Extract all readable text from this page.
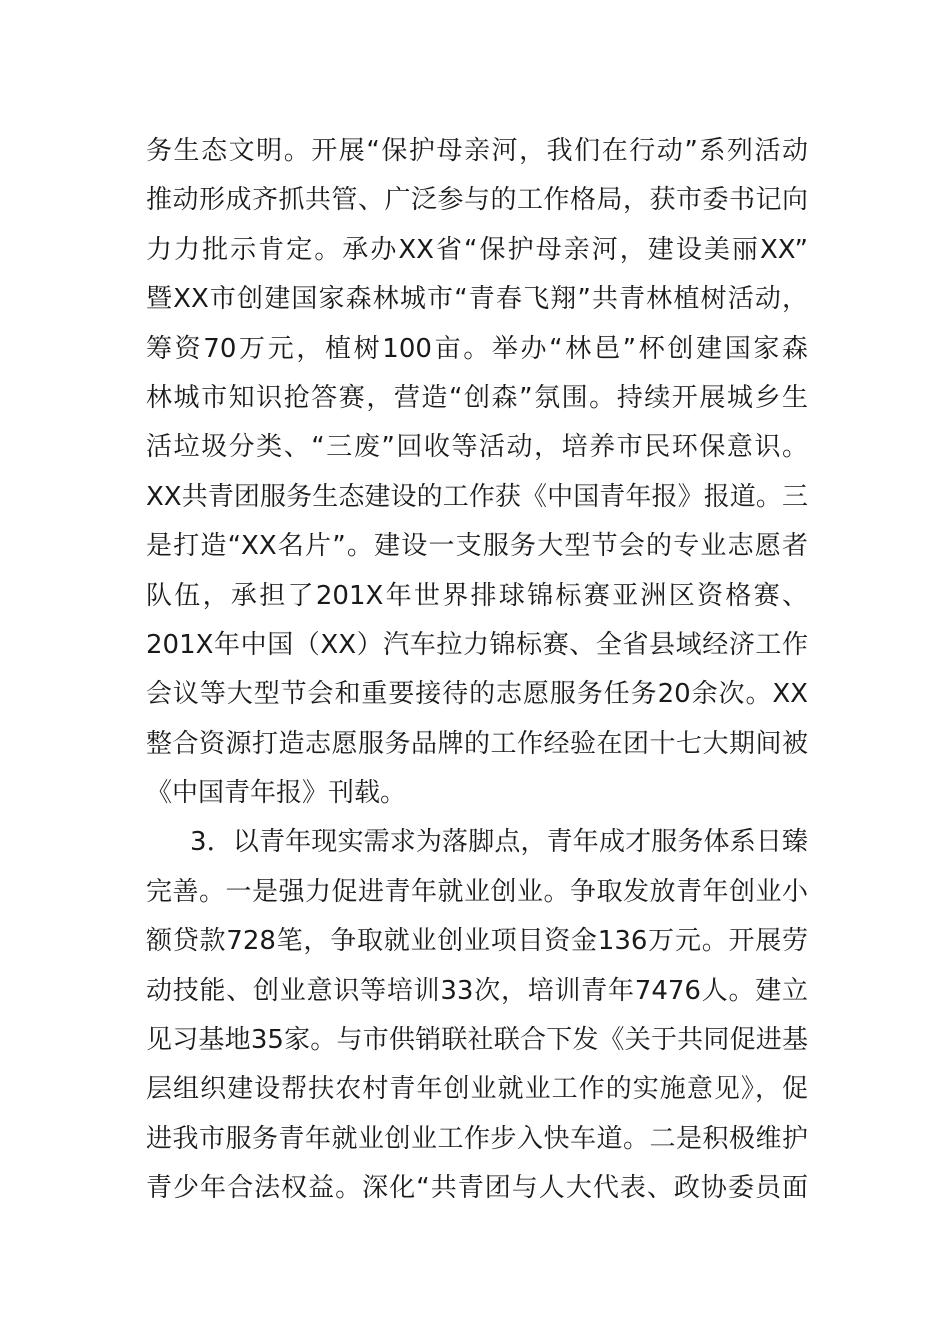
务生态文明。开展“保护母亲河，我们在行动”系列活动
推动形成齐抓共管、广泛参与的工作格局，获市委书记向
力力批示肯定。承办XX省“保护母亲河，建设美丽XX”
暨XX市创建国家森林城市“青春飞翔”共青林植树活动，
筹资70万元，植树100亩。举办“林邑”杯创建国家森
林城市知识抢答赛，营造“创森”氛围。持续开展城乡生
活垃圾分类、“三废”回收等活动，培养市民环保意识。
XX共青团服务生态建设的工作获《中国青年报》报道。三
是打造“XX名片”。建设一支服务大型节会的专业志愿者
队伍，承担了201X年世界排球锦标赛亚洲区资格赛、
201X年中国（XX）汽车拉力锦标赛、全省县域经济工作
会议等大型节会和重要接待的志愿服务任务20余次。XX
整合资源打造志愿服务品牌的工作经验在团十七大期间被
《中国青年报》刊载。
3．以青年现实需求为落脚点，青年成才服务体系日臻
完善。一是强力促进青年就业创业。争取发放青年创业小
额贷款728笔，争取就业创业项目资金136万元。开展劳
动技能、创业意识等培训33次，培训青年7476人。建立
见习基地35家。与市供销联社联合下发《关于共同促进基
层组织建设帮扶农村青年创业就业工作的实施意见》，促
进我市服务青年就业创业工作步入快车道。二是积极维护
青少年合法权益。深化“共青团与人大代表、政协委员面
